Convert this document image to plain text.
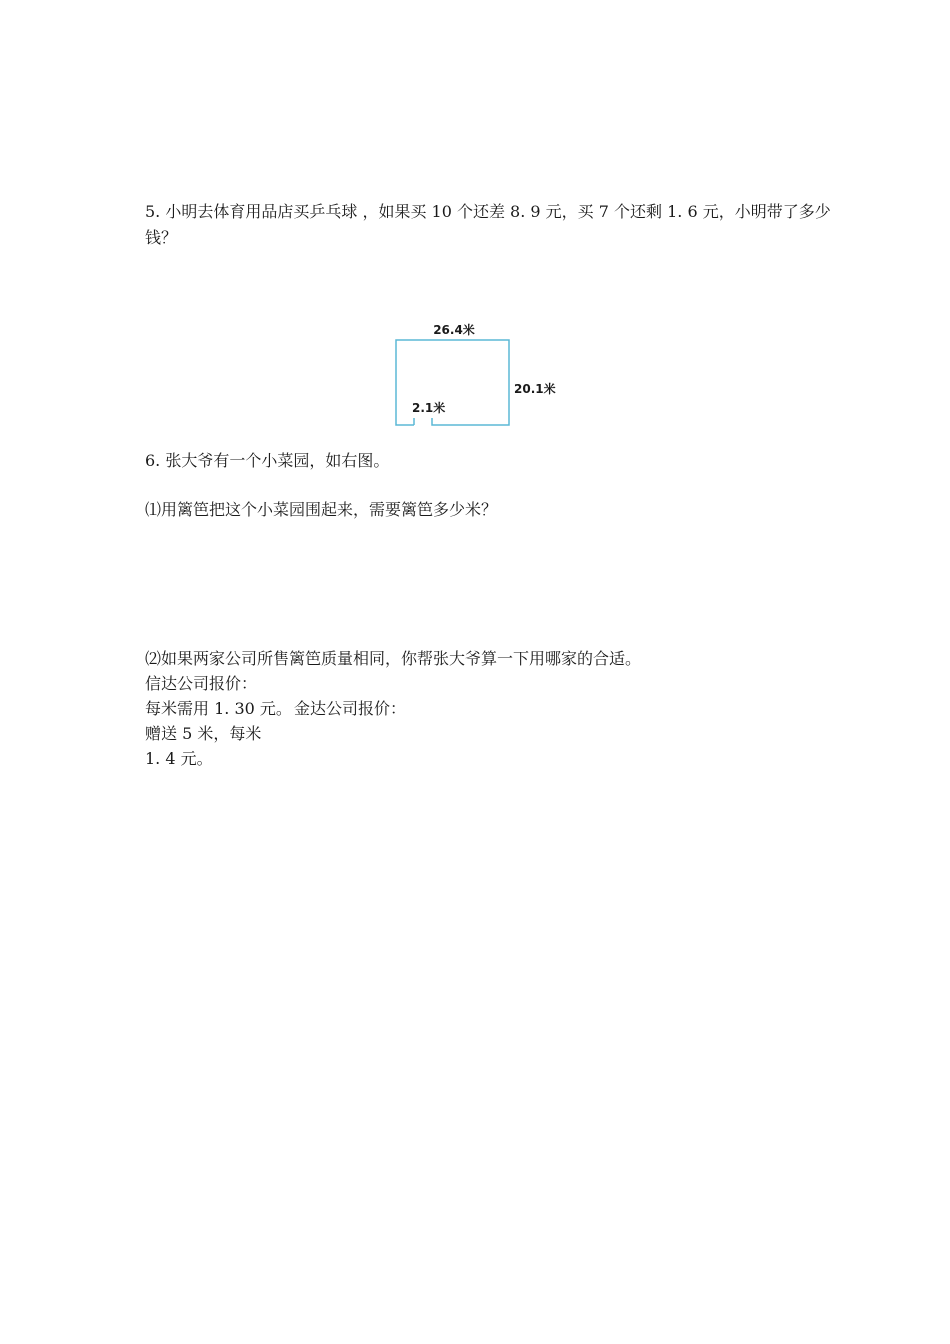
5. 小明去体育用品店买乒乓球 ，如果买 10 个还差 8. 9 元，买 7 个还剩 1. 6 元，小明带了多少

钱？

26.4米
20.1米
2.1米

6. 张大爷有一个小菜园，如右图。

⑴用篱笆把这个小菜园围起来，需要篱笆多少米？

⑵如果两家公司所售篱笆质量相同，你帮张大爷算一下用哪家的合适。

信达公司报价：

每米需用 1. 30 元。 金达公司报价：

赠送 5 米，每米

1. 4 元。
